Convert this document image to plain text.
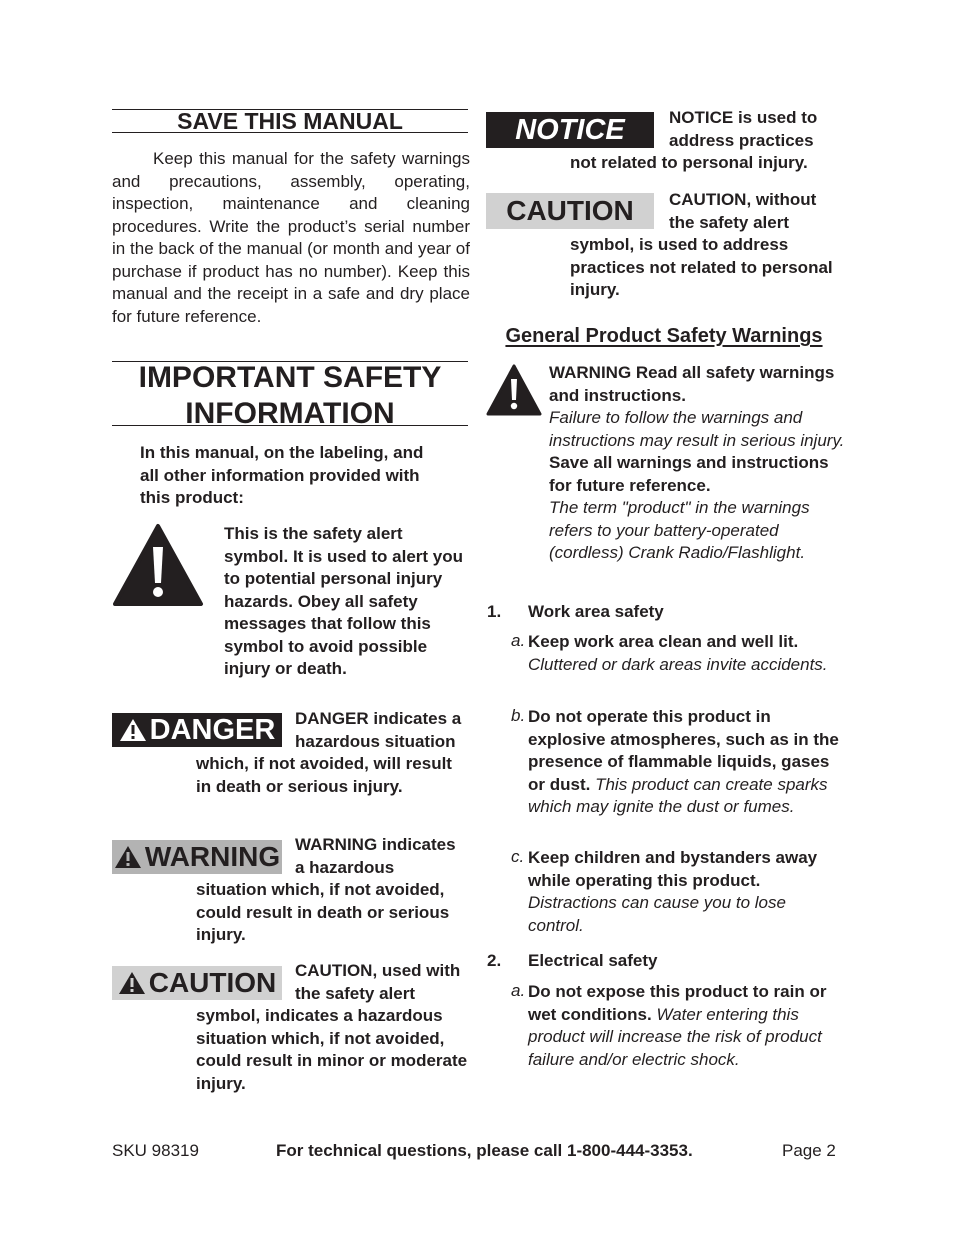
SAVE THIS MANUAL
Keep this manual for the safety warnings and precautions, assembly, operating, inspection, maintenance and cleaning procedures. Write the product’s serial number in the back of the manual (or month and year of purchase if product has no number). Keep this manual and the receipt in a safe and dry place for future reference.
IMPORTANT SAFETY
INFORMATION
In this manual, on the labeling, and all other information provided with this product:
This is the safety alert symbol. It is used to alert you to potential personal injury hazards. Obey all safety messages that follow this symbol to avoid possible injury or death.
DANGER	DANGER indicates a hazardous situation which, if not avoided, will result in death or serious injury.
WARNING WARNING indicates a hazardous situation which, if not avoided, could result in death or serious injury.
CAUTION	CAUTION, used with the safety alert symbol, indicates a hazardous situation which, if not avoided, could result in minor or moderate injury.
NOTICE	NOTICE is used to address practices not related to personal injury.
CAUTION	CAUTION, without the safety alert symbol, is used to address practices not related to personal injury.
General Product Safety Warnings
WARNING Read all safety warnings and instructions.
Failure to follow the warnings and instructions may result in serious injury.
Save all warnings and instructions for future reference.
The term "product" in the warnings refers to your battery-operated (cordless) Crank Radio/Flashlight.
1. Work area safety
a. Keep work area clean and well lit. Cluttered or dark areas invite accidents.
b. Do not operate this product in explosive atmospheres, such as in the presence of flammable liquids, gases or dust. This product can create sparks which may ignite the dust or fumes.
c. Keep children and bystanders away while operating this product. Distractions can cause you to lose control.
2. Electrical safety
a. Do not expose this product to rain or wet conditions. Water entering this product will increase the risk of product failure and/or electric shock.
SKU 98319	For technical questions, please call 1-800-444-3353.	Page 2
